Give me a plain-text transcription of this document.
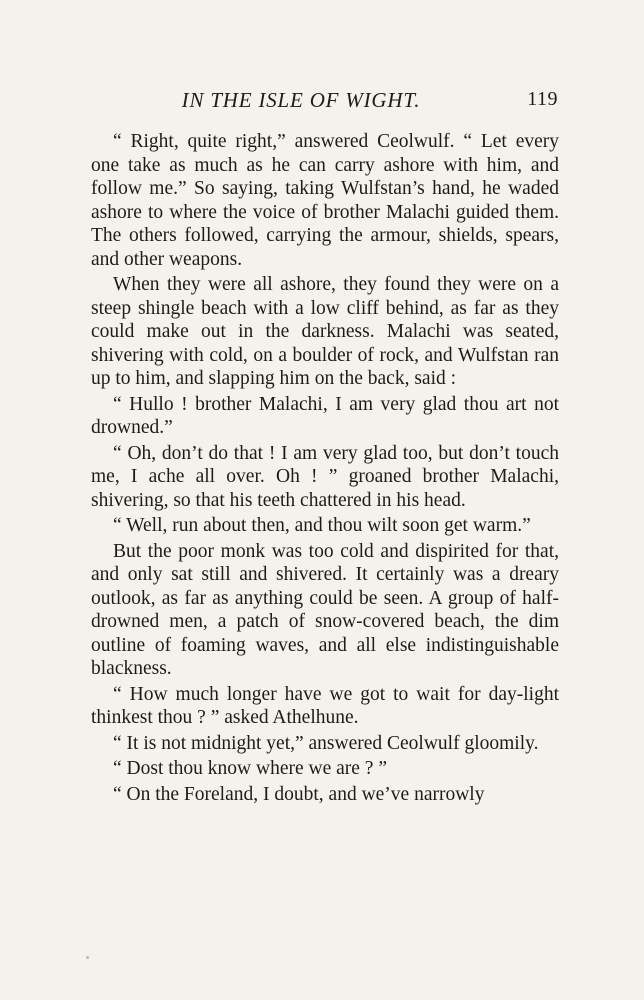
IN THE ISLE OF WIGHT.	119

“ Right, quite right,” answered Ceolwulf. “ Let every one take as much as he can carry ashore with him, and follow me.” So saying, taking Wulfstan’s hand, he waded ashore to where the voice of brother Malachi guided them. The others followed, carrying the armour, shields, spears, and other weapons.

When they were all ashore, they found they were on a steep shingle beach with a low cliff behind, as far as they could make out in the darkness. Malachi was seated, shivering with cold, on a boulder of rock, and Wulfstan ran up to him, and slapping him on the back, said :

“ Hullo ! brother Malachi, I am very glad thou art not drowned.”

“ Oh, don’t do that ! I am very glad too, but don’t touch me, I ache all over. Oh ! ” groaned brother Malachi, shivering, so that his teeth chattered in his head.

“ Well, run about then, and thou wilt soon get warm.”

But the poor monk was too cold and dispirited for that, and only sat still and shivered. It certainly was a dreary outlook, as far as anything could be seen. A group of half-drowned men, a patch of snow-covered beach, the dim outline of foaming waves, and all else indistinguishable blackness.

“ How much longer have we got to wait for day-light thinkest thou ? ” asked Athelhune.

“ It is not midnight yet,” answered Ceolwulf gloomily.

“ Dost thou know where we are ? ”

“ On the Foreland, I doubt, and we’ve narrowly
